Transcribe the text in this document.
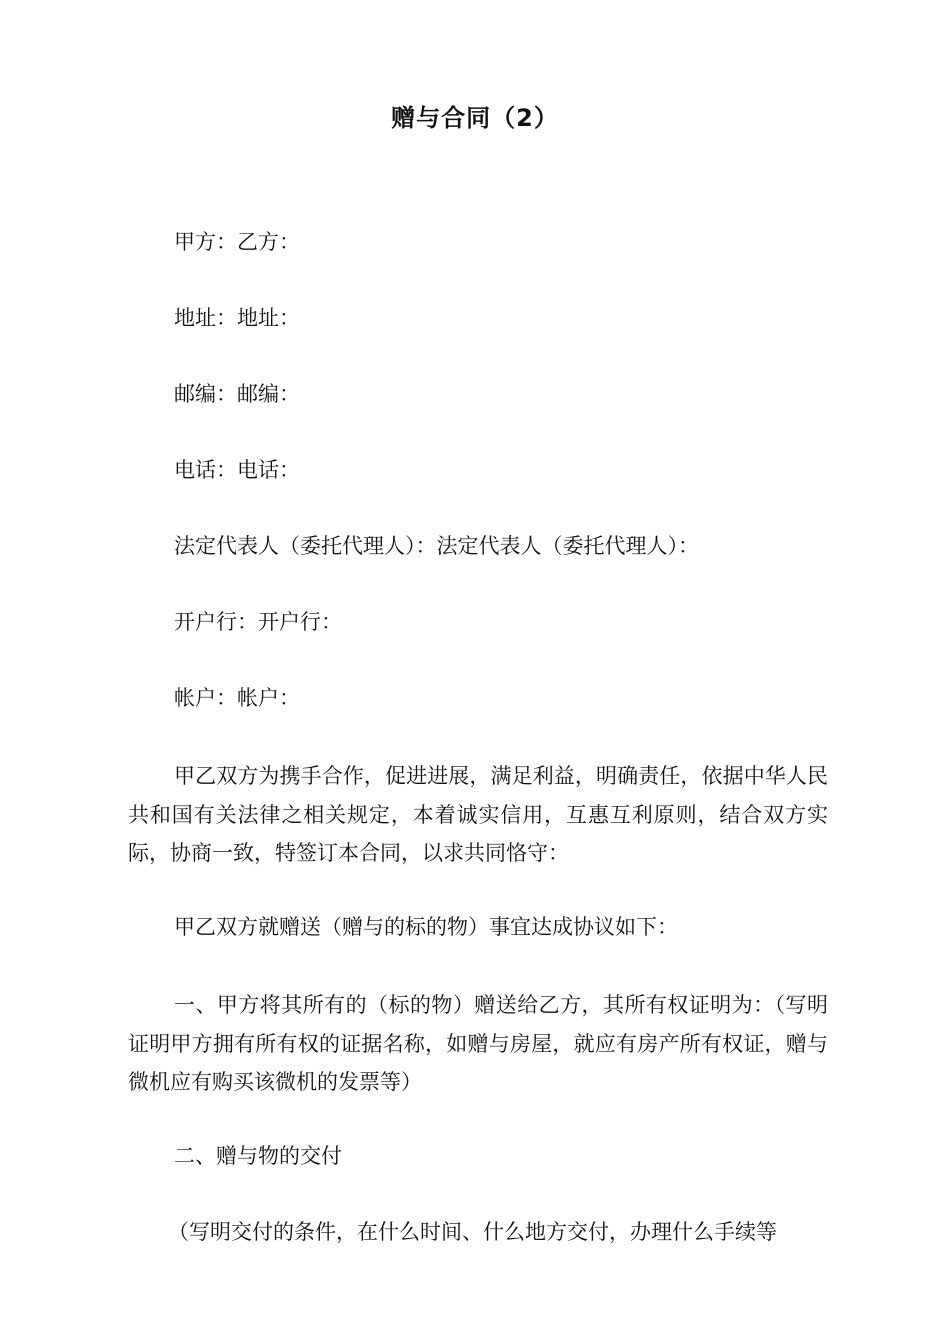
赠与合同（2）
甲方：乙方：
地址：地址：
邮编：邮编：
电话：电话：
法定代表人（委托代理人）：法定代表人（委托代理人）：
开户行：开户行：
帐户：帐户：

甲乙双方为携手合作，促进进展，满足利益，明确责任，依据中华人民共和国有关法律之相关规定，本着诚实信用，互惠互利原则，结合双方实际，协商一致，特签订本合同，以求共同恪守：

甲乙双方就赠送（赠与的标的物）事宜达成协议如下：

一、甲方将其所有的（标的物）赠送给乙方，其所有权证明为：（写明证明甲方拥有所有权的证据名称，如赠与房屋，就应有房产所有权证，赠与微机应有购买该微机的发票等）

二、赠与物的交付
（写明交付的条件，在什么时间、什么地方交付，办理什么手续等
